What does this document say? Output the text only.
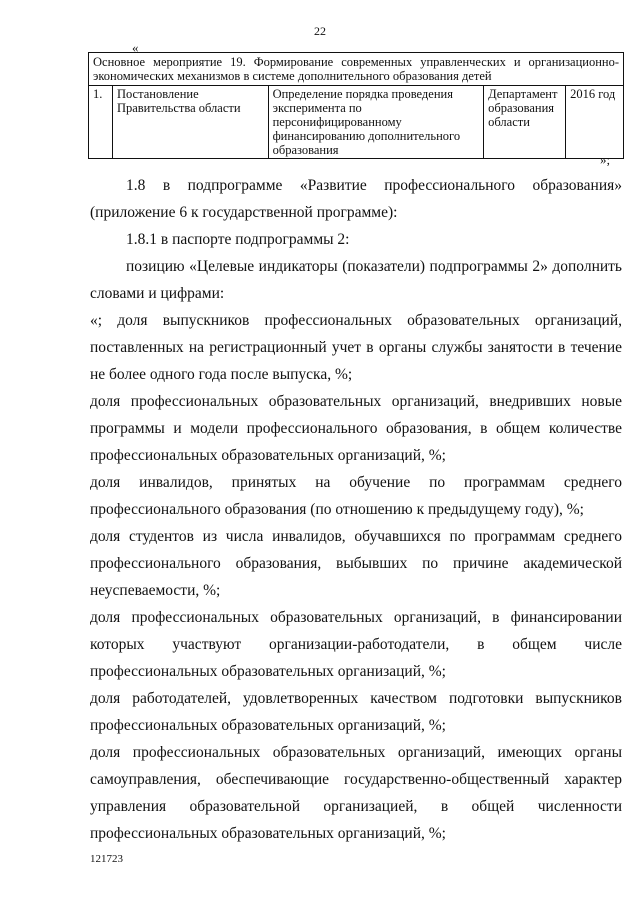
22
«
Основное мероприятие 19. Формирование современных управленческих и организационно-экономических механизмов в системе дополнительного образования детей
1.	Постановление Правительства области	Определение порядка проведения эксперимента по персонифицированному финансированию дополнительного образования	Департамент образования области	2016 год
»;

1.8 в подпрограмме «Развитие профессионального образования» (приложение 6 к государственной программе):

1.8.1 в паспорте подпрограммы 2:

позицию «Целевые индикаторы (показатели) подпрограммы 2» дополнить словами и цифрами:

«; доля выпускников профессиональных образовательных организаций, поставленных на регистрационный учет в органы службы занятости в течение не более одного года после выпуска, %;

доля профессиональных образовательных организаций, внедривших новые программы и модели профессионального образования, в общем количестве профессиональных образовательных организаций, %;

доля инвалидов, принятых на обучение по программам среднего профессионального образования (по отношению к предыдущему году), %;

доля студентов из числа инвалидов, обучавшихся по программам среднего профессионального образования, выбывших по причине академической неуспеваемости, %;

доля профессиональных образовательных организаций, в финансировании которых участвуют организации-работодатели, в общем числе профессиональных образовательных организаций, %;

доля работодателей, удовлетворенных качеством подготовки выпускников профессиональных образовательных организаций, %;

доля профессиональных образовательных организаций, имеющих органы самоуправления, обеспечивающие государственно-общественный характер управления образовательной организацией, в общей численности профессиональных образовательных организаций, %;

121723
